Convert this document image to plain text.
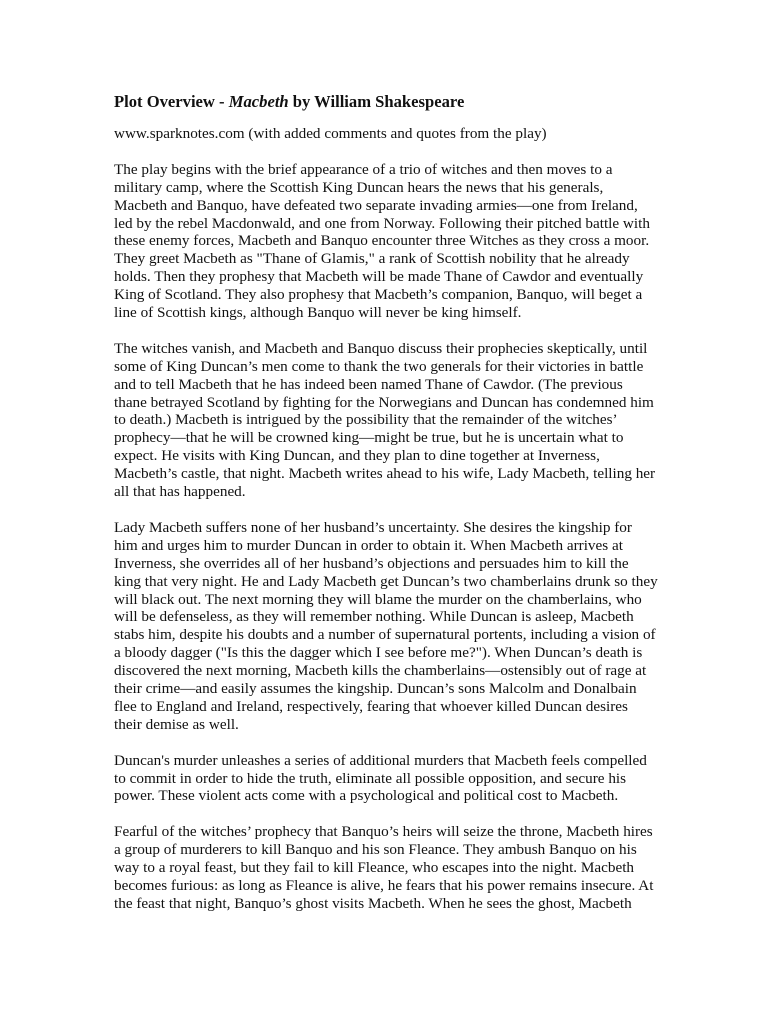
Plot Overview - Macbeth by William Shakespeare

www.sparknotes.com (with added comments and quotes from the play)

The play begins with the brief appearance of a trio of witches and then moves to a military camp, where the Scottish King Duncan hears the news that his generals, Macbeth and Banquo, have defeated two separate invading armies—one from Ireland, led by the rebel Macdonwald, and one from Norway. Following their pitched battle with these enemy forces, Macbeth and Banquo encounter three Witches as they cross a moor. They greet Macbeth as "Thane of Glamis," a rank of Scottish nobility that he already holds. Then they prophesy that Macbeth will be made Thane of Cawdor and eventually King of Scotland. They also prophesy that Macbeth’s companion, Banquo, will beget a line of Scottish kings, although Banquo will never be king himself.

The witches vanish, and Macbeth and Banquo discuss their prophecies skeptically, until some of King Duncan’s men come to thank the two generals for their victories in battle and to tell Macbeth that he has indeed been named Thane of Cawdor. (The previous thane betrayed Scotland by fighting for the Norwegians and Duncan has condemned him to death.) Macbeth is intrigued by the possibility that the remainder of the witches’ prophecy—that he will be crowned king—might be true, but he is uncertain what to expect. He visits with King Duncan, and they plan to dine together at Inverness, Macbeth’s castle, that night. Macbeth writes ahead to his wife, Lady Macbeth, telling her all that has happened.

Lady Macbeth suffers none of her husband’s uncertainty. She desires the kingship for him and urges him to murder Duncan in order to obtain it. When Macbeth arrives at Inverness, she overrides all of her husband’s objections and persuades him to kill the king that very night. He and Lady Macbeth get Duncan’s two chamberlains drunk so they will black out. The next morning they will blame the murder on the chamberlains, who will be defenseless, as they will remember nothing. While Duncan is asleep, Macbeth stabs him, despite his doubts and a number of supernatural portents, including a vision of a bloody dagger ("Is this the dagger which I see before me?"). When Duncan’s death is discovered the next morning, Macbeth kills the chamberlains—ostensibly out of rage at their crime—and easily assumes the kingship. Duncan’s sons Malcolm and Donalbain flee to England and Ireland, respectively, fearing that whoever killed Duncan desires their demise as well.

Duncan's murder unleashes a series of additional murders that Macbeth feels compelled to commit in order to hide the truth, eliminate all possible opposition, and secure his power. These violent acts come with a psychological and political cost to Macbeth.

Fearful of the witches’ prophecy that Banquo’s heirs will seize the throne, Macbeth hires a group of murderers to kill Banquo and his son Fleance. They ambush Banquo on his way to a royal feast, but they fail to kill Fleance, who escapes into the night. Macbeth becomes furious: as long as Fleance is alive, he fears that his power remains insecure. At the feast that night, Banquo’s ghost visits Macbeth. When he sees the ghost, Macbeth
